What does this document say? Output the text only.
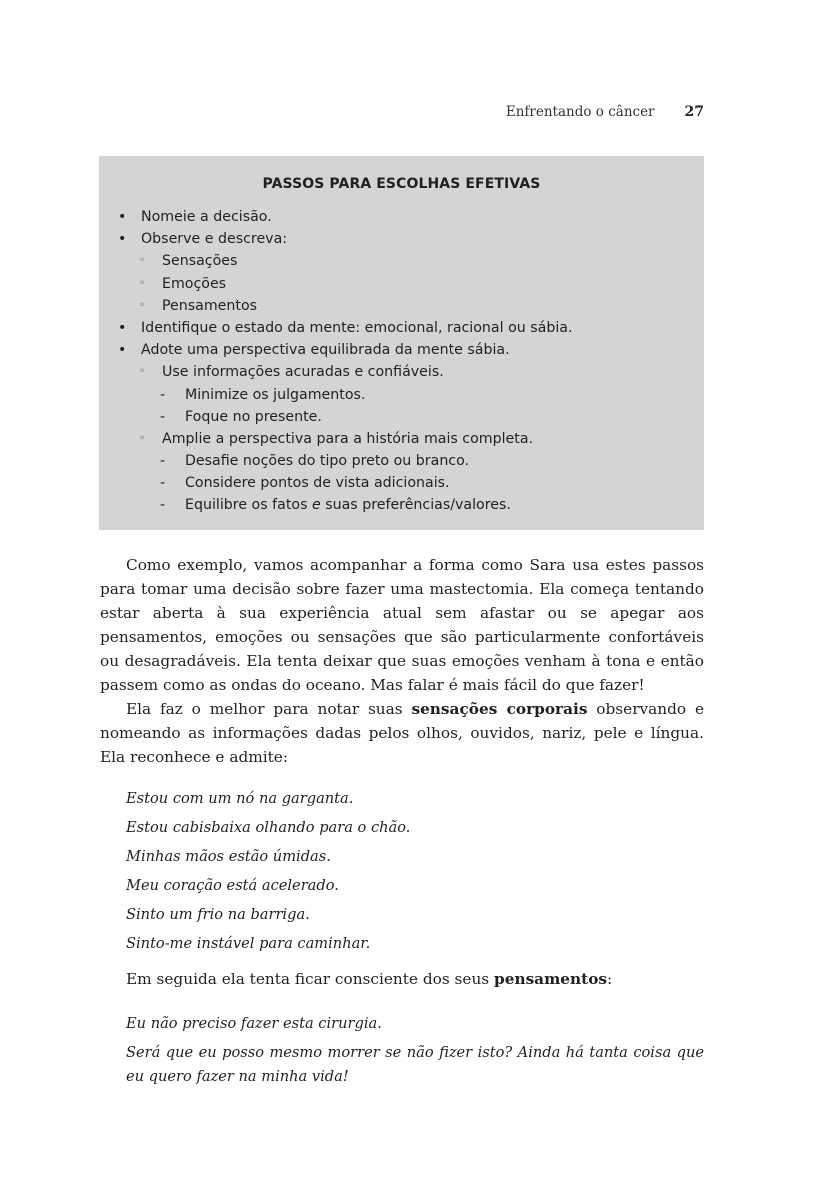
Enfrentando o câncer 27
PASSOS PARA ESCOLHAS EFETIVAS
• Nomeie a decisão.
• Observe e descreva:
◦ Sensações
◦ Emoções
◦ Pensamentos
• Identifique o estado da mente: emocional, racional ou sábia.
• Adote uma perspectiva equilibrada da mente sábia.
◦ Use informações acuradas e confiáveis.
- Minimize os julgamentos.
- Foque no presente.
◦ Amplie a perspectiva para a história mais completa.
- Desafie noções do tipo preto ou branco.
- Considere pontos de vista adicionais.
- Equilibre os fatos e suas preferências/valores.

Como exemplo, vamos acompanhar a forma como Sara usa estes passos para tomar uma decisão sobre fazer uma mastectomia. Ela começa tentando estar aberta à sua experiência atual sem afastar ou se apegar aos pensamentos, emoções ou sensações que são particularmente confortáveis ou desagradáveis. Ela tenta deixar que suas emoções venham à tona e então passem como as ondas do oceano. Mas falar é mais fácil do que fazer!

Ela faz o melhor para notar suas sensações corporais observando e nomeando as informações dadas pelos olhos, ouvidos, nariz, pele e língua. Ela reconhece e admite:

Estou com um nó na garganta.
Estou cabisbaixa olhando para o chão.
Minhas mãos estão úmidas.
Meu coração está acelerado.
Sinto um frio na barriga.
Sinto-me instável para caminhar.
Em seguida ela tenta ficar consciente dos seus pensamentos:
Eu não preciso fazer esta cirurgia.
Será que eu posso mesmo morrer se não fizer isto? Ainda há tanta coisa que eu quero fazer na minha vida!
